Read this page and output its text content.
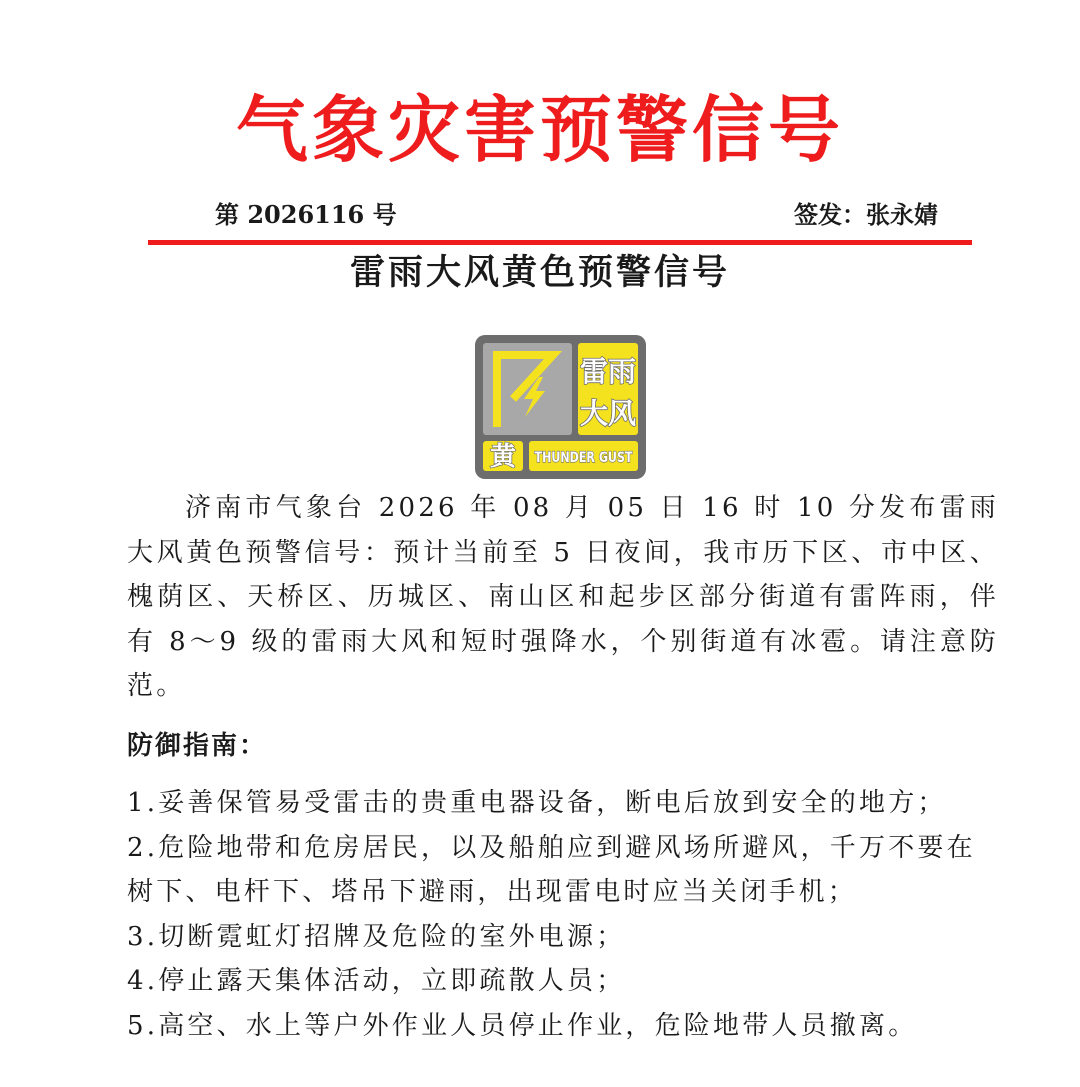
气象灾害预警信号
第 2026116 号	签发：张永婧
雷雨大风黄色预警信号
雷雨
大风
黄 THUNDER GUST

济南市气象台 2026 年 08 月 05 日 16 时 10 分发布雷雨大风黄色预警信号：预计当前至 5 日夜间，我市历下区、市中区、槐荫区、天桥区、历城区、南山区和起步区部分街道有雷阵雨，伴有 8～9 级的雷雨大风和短时强降水，个别街道有冰雹。请注意防范。

防御指南：
1.妥善保管易受雷击的贵重电器设备，断电后放到安全的地方；
2.危险地带和危房居民，以及船舶应到避风场所避风，千万不要在树下、电杆下、塔吊下避雨，出现雷电时应当关闭手机；
3.切断霓虹灯招牌及危险的室外电源；
4.停止露天集体活动，立即疏散人员；
5.高空、水上等户外作业人员停止作业，危险地带人员撤离。
